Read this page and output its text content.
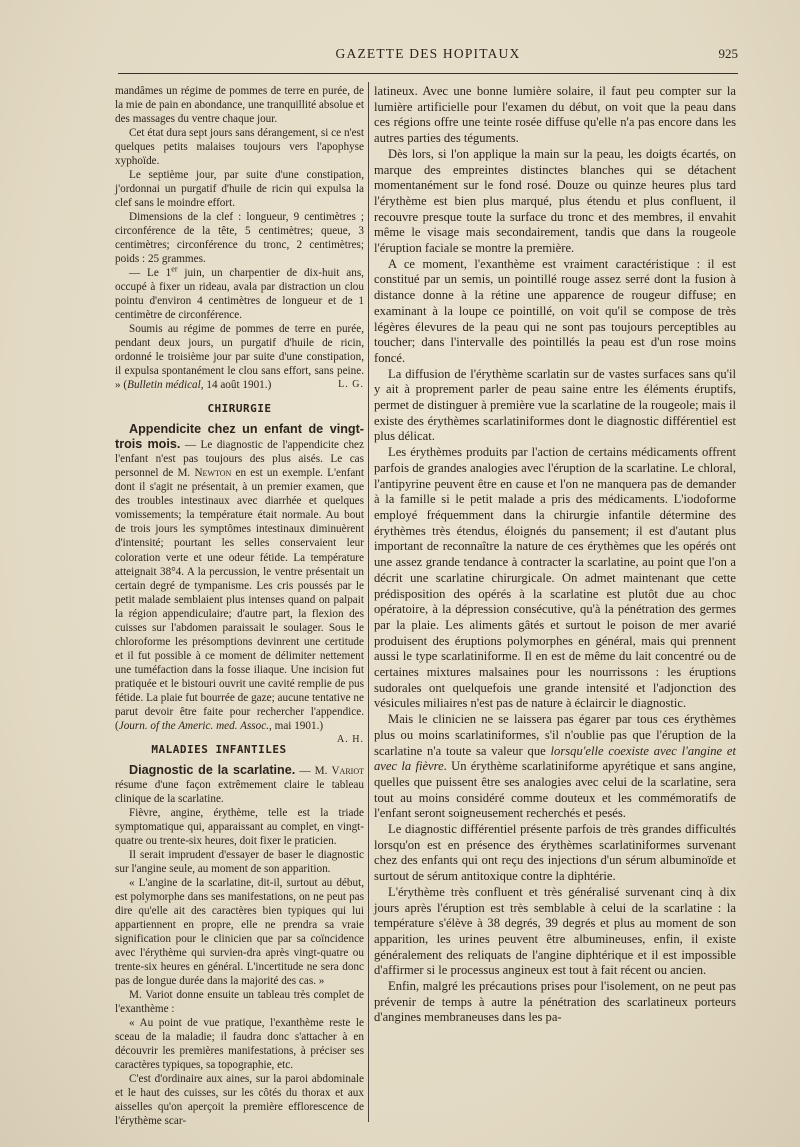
GAZETTE DES HOPITAUX	925

mandâmes un régime de pommes de terre en purée, de la mie de pain en abondance, une tranquillité absolue et des massages du ventre chaque jour.

Cet état dura sept jours sans dérangement, si ce n'est quelques petits malaises toujours vers l'apophyse xyphoïde.

Le septième jour, par suite d'une constipation, j'ordonnai un purgatif d'huile de ricin qui expulsa la clef sans le moindre effort.

Dimensions de la clef : longueur, 9 centimètres ; circonférence de la tête, 5 centimètres; queue, 3 centimètres; circonférence du tronc, 2 centimètres; poids : 25 grammes.

— Le 1er juin, un charpentier de dix-huit ans, occupé à fixer un rideau, avala par distraction un clou pointu d'environ 4 centimètres de longueur et de 1 centimètre de circonférence.

Soumis au régime de pommes de terre en purée, pendant deux jours, un purgatif d'huile de ricin, ordonné le troisième jour par suite d'une constipation, il expulsa spontanément le clou sans effort, sans peine. » (Bulletin médical, 14 août 1901.)	L. G.

CHIRURGIE

Appendicite chez un enfant de vingt-trois mois. — Le diagnostic de l'appendicite chez l'enfant n'est pas toujours des plus aisés. Le cas personnel de M. Newton en est un exemple. L'enfant dont il s'agit ne présentait, à un premier examen, que des troubles intestinaux avec diarrhée et quelques vomissements; la température était normale. Au bout de trois jours les symptômes intestinaux diminuèrent d'intensité; pourtant les selles conservaient leur coloration verte et une odeur fétide. La température atteignait 38°4. A la percussion, le ventre présentait un certain degré de tympanisme. Les cris poussés par le petit malade semblaient plus intenses quand on palpait la région appendiculaire; d'autre part, la flexion des cuisses sur l'abdomen paraissait le soulager. Sous le chloroforme les présomptions devinrent une certitude et il fut possible à ce moment de délimiter nettement une tuméfaction dans la fosse iliaque. Une incision fut pratiquée et le bistouri ouvrit une cavité remplie de pus fétide. La plaie fut bourrée de gaze; aucune tentative ne parut devoir être faite pour rechercher l'appendice. (Journ. of the Americ. med. Assoc., mai 1901.)
A. H.

MALADIES INFANTILES

Diagnostic de la scarlatine. — M. Variot résume d'une façon extrêmement claire le tableau clinique de la scarlatine.

Fièvre, angine, érythème, telle est la triade symptomatique qui, apparaissant au complet, en vingt-quatre ou trente-six heures, doit fixer le praticien.

Il serait imprudent d'essayer de baser le diagnostic sur l'angine seule, au moment de son apparition.

« L'angine de la scarlatine, dit-il, surtout au début, est polymorphe dans ses manifestations, on ne peut pas dire qu'elle ait des caractères bien typiques qui lui appartiennent en propre, elle ne prendra sa vraie signification pour le clinicien que par sa coïncidence avec l'érythème qui survien-dra après vingt-quatre ou trente-six heures en général. L'incertitude ne sera donc pas de longue durée dans la majorité des cas. »

M. Variot donne ensuite un tableau très complet de l'exanthème :

« Au point de vue pratique, l'exanthème reste le sceau de la maladie; il faudra donc s'attacher à en découvrir les premières manifestations, à préciser ses caractères typiques, sa topographie, etc.

C'est d'ordinaire aux aines, sur la paroi abdominale et le haut des cuisses, sur les côtés du thorax et aux aisselles qu'on aperçoit la première efflorescence de l'érythème scar-

latineux. Avec une bonne lumière solaire, il faut peu compter sur la lumière artificielle pour l'examen du début, on voit que la peau dans ces régions offre une teinte rosée diffuse qu'elle n'a pas encore dans les autres parties des téguments.

Dès lors, si l'on applique la main sur la peau, les doigts écartés, on marque des empreintes distinctes blanches qui se détachent momentanément sur le fond rosé. Douze ou quinze heures plus tard l'érythème est bien plus marqué, plus étendu et plus confluent, il recouvre presque toute la surface du tronc et des membres, il envahit même le visage mais secondairement, tandis que dans la rougeole l'éruption faciale se montre la première.

A ce moment, l'exanthème est vraiment caractéristique : il est constitué par un semis, un pointillé rouge assez serré dont la fusion à distance donne à la rétine une apparence de rougeur diffuse; en examinant à la loupe ce pointillé, on voit qu'il se compose de très légères élevures de la peau qui ne sont pas toujours perceptibles au toucher; dans l'intervalle des pointillés la peau est d'un rose moins foncé.

La diffusion de l'érythème scarlatin sur de vastes surfaces sans qu'il y ait à proprement parler de peau saine entre les éléments éruptifs, permet de distinguer à première vue la scarlatine de la rougeole; mais il existe des érythèmes scarlatiniformes dont le diagnostic différentiel est plus délicat.

Les érythèmes produits par l'action de certains médicaments offrent parfois de grandes analogies avec l'éruption de la scarlatine. Le chloral, l'antipyrine peuvent être en cause et l'on ne manquera pas de demander à la famille si le petit malade a pris des médicaments. L'iodoforme employé fréquemment dans la chirurgie infantile détermine des érythèmes très étendus, éloignés du pansement; il est d'autant plus important de reconnaître la nature de ces érythèmes que les opérés ont une assez grande tendance à contracter la scarlatine, au point que l'on a décrit une scarlatine chirurgicale. On admet maintenant que cette prédisposition des opérés à la scarlatine est plutôt due au choc opératoire, à la dépression consécutive, qu'à la pénétration des germes par la plaie. Les aliments gâtés et surtout le poison de mer avarié produisent des éruptions polymorphes en général, mais qui prennent aussi le type scarlatiniforme. Il en est de même du lait concentré ou de certaines mixtures malsaines pour les nourrissons : les éruptions sudorales ont quelquefois une grande intensité et l'adjonction des vésicules miliaires n'est pas de nature à éclaircir le diagnostic.

Mais le clinicien ne se laissera pas égarer par tous ces érythèmes plus ou moins scarlatiniformes, s'il n'oublie pas que l'éruption de la scarlatine n'a toute sa valeur que lorsqu'elle coexiste avec l'angine et avec la fièvre. Un érythème scarlatiniforme apyrétique et sans angine, quelles que puissent être ses analogies avec celui de la scarlatine, sera tout au moins considéré comme douteux et les commémoratifs de l'enfant seront soigneusement recherchés et pesés.

Le diagnostic différentiel présente parfois de très grandes difficultés lorsqu'on est en présence des érythèmes scarlatiniformes survenant chez des enfants qui ont reçu des injections d'un sérum albuminoïde et surtout de sérum antitoxique contre la diphtérie.

L'érythème très confluent et très généralisé survenant cinq à dix jours après l'éruption est très semblable à celui de la scarlatine : la température s'élève à 38 degrés, 39 degrés et plus au moment de son apparition, les urines peuvent être albumineuses, enfin, il existe généralement des reliquats de l'angine diphtérique et il est impossible d'affirmer si le processus angineux est tout à fait récent ou ancien.

Enfin, malgré les précautions prises pour l'isolement, on ne peut pas prévenir de temps à autre la pénétration des scarlatineux porteurs d'angines membraneuses dans les pa-
